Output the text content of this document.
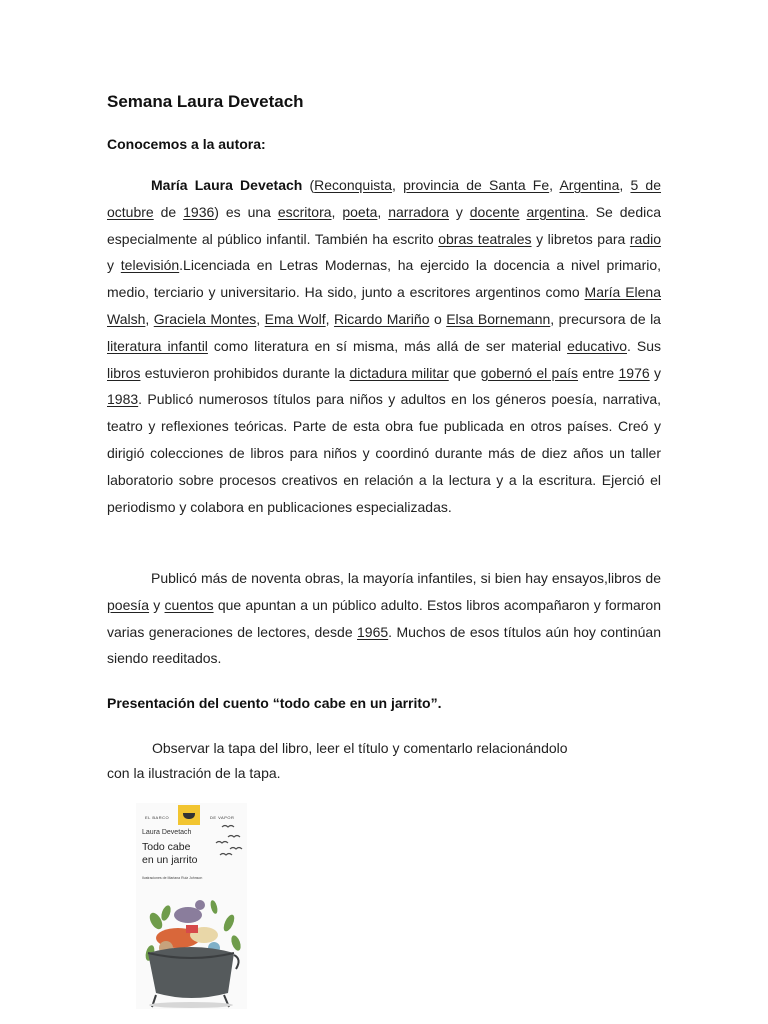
Semana Laura Devetach

Conocemos a la autora:

María Laura Devetach (Reconquista, provincia de Santa Fe, Argentina, 5 de octubre de 1936) es una escritora, poeta, narradora y docente argentina. Se dedica especialmente al público infantil. También ha escrito obras teatrales y libretos para radio y televisión.Licenciada en Letras Modernas, ha ejercido la docencia a nivel primario, medio, terciario y universitario. Ha sido, junto a escritores argentinos como María Elena Walsh, Graciela Montes, Ema Wolf, Ricardo Mariño o Elsa Bornemann, precursora de la literatura infantil como literatura en sí misma, más allá de ser material educativo. Sus libros estuvieron prohibidos durante la dictadura militar que gobernó el país entre 1976 y 1983. Publicó numerosos títulos para niños y adultos en los géneros poesía, narrativa, teatro y reflexiones teóricas. Parte de esta obra fue publicada en otros países. Creó y dirigió colecciones de libros para niños y coordinó durante más de diez años un taller laboratorio sobre procesos creativos en relación a la lectura y a la escritura. Ejerció el periodismo y colabora en publicaciones especializadas.

Publicó más de noventa obras, la mayoría infantiles, si bien hay ensayos,libros de poesía y cuentos que apuntan a un público adulto. Estos libros acompañaron y formaron varias generaciones de lectores, desde 1965. Muchos de esos títulos aún hoy continúan siendo reeditados.

Presentación del cuento “todo cabe en un jarrito”.

Observar la tapa del libro, leer el título y comentarlo relacionándolo
con la ilustración de la tapa.

EL BARCO	DE VAPOR
Laura Devetach
Todo cabe
en un jarrito
Ilustraciones de Mariana Ruiz Johnson
